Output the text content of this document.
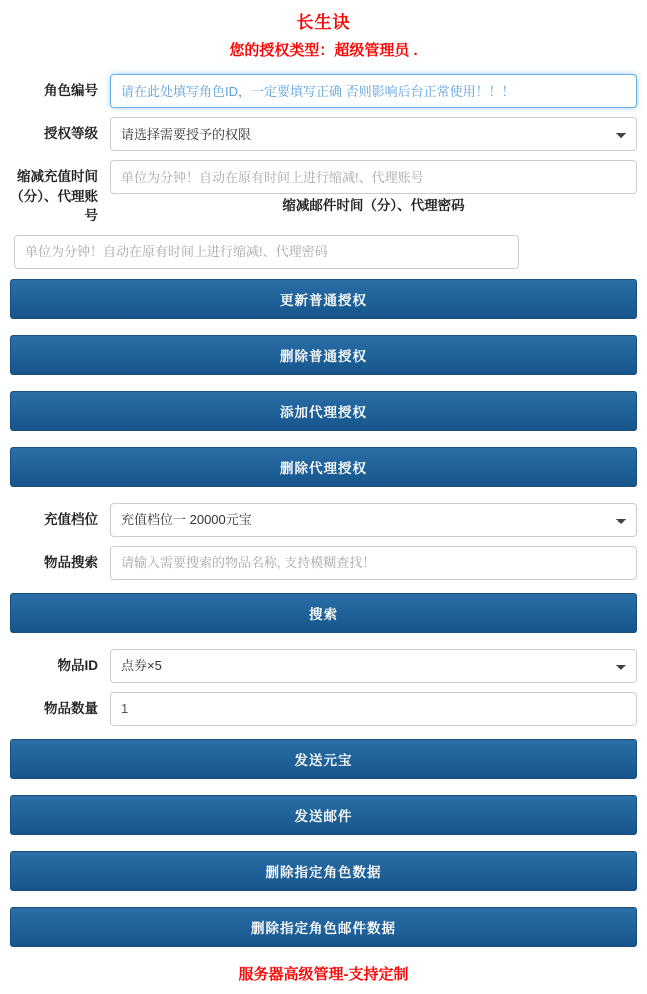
长生诀
您的授权类型：超级管理员 .
角色编号
请在此处填写角色ID，一定要填写正确 否则影响后台正常使用！！！
授权等级
请选择需要授予的权限
缩减充值时间（分）、代理账号
单位为分钟！自动在原有时间上进行缩减!、代理账号
缩减邮件时间（分）、代理密码
单位为分钟！自动在原有时间上进行缩减!、代理密码
更新普通授权
删除普通授权
添加代理授权
删除代理授权
充值档位
充值档位一 20000元宝
物品搜索
请输入需要搜索的物品名称, 支持模糊查找！
搜索
物品ID
点券×5
物品数量
1
发送元宝
发送邮件
删除指定角色数据
删除指定角色邮件数据
服务器高级管理-支持定制
